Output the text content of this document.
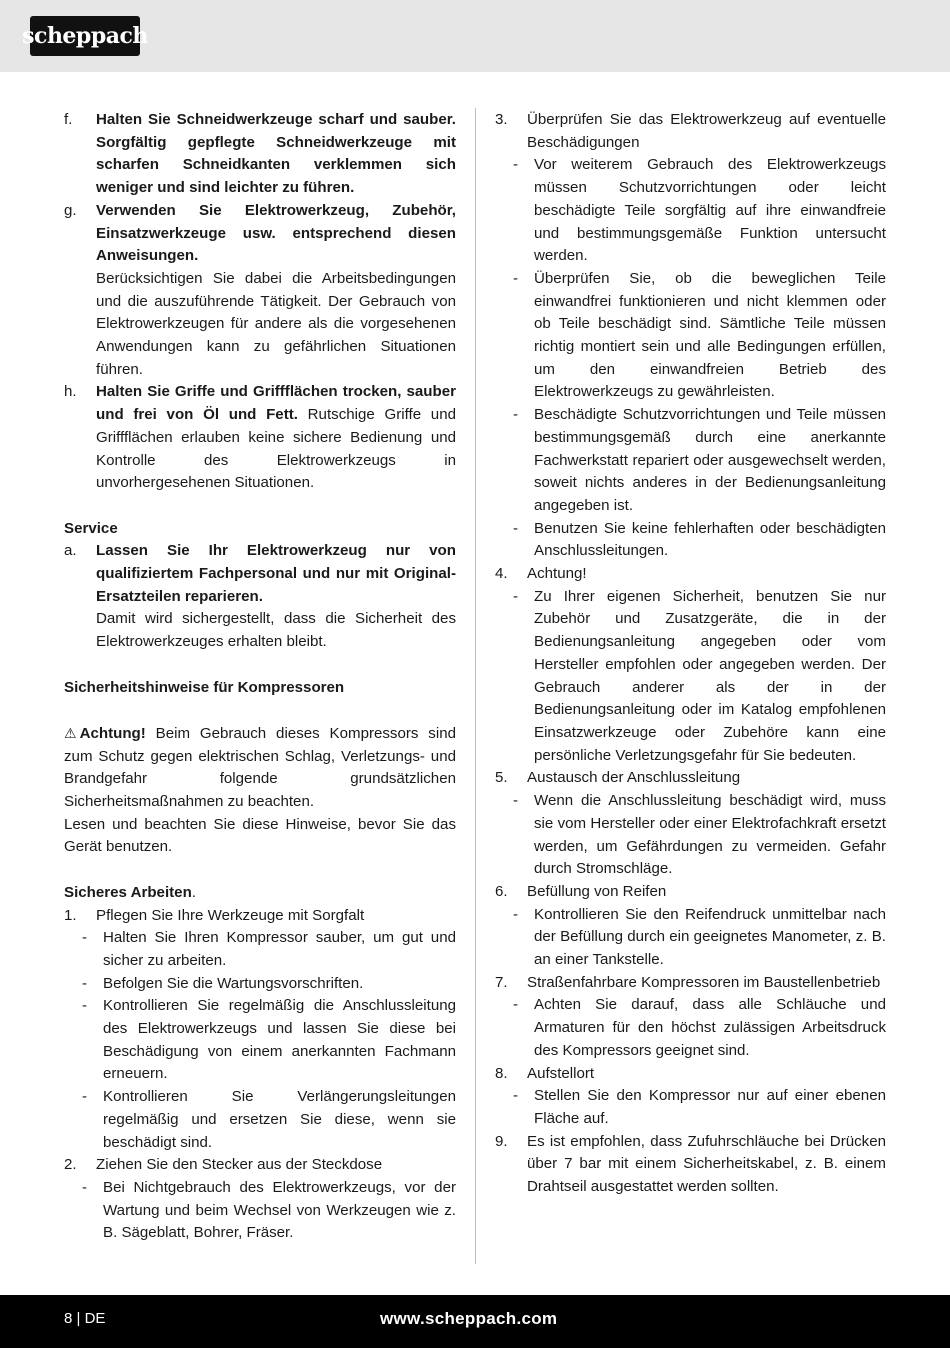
scheppach
f.	Halten Sie Schneidwerkzeuge scharf und sauber. Sorgfältig gepflegte Schneidwerkzeuge mit scharfen Schneidkanten verklemmen sich weniger und sind leichter zu führen.
g.	Verwenden Sie Elektrowerkzeug, Zubehör, Einsatzwerkzeuge usw. entsprechend diesen Anweisungen.
Berücksichtigen Sie dabei die Arbeitsbedingungen und die auszuführende Tätigkeit. Der Gebrauch von Elektrowerkzeugen für andere als die vorgesehenen Anwendungen kann zu gefährlichen Situationen führen.
h.	Halten Sie Griffe und Griffflächen trocken, sauber und frei von Öl und Fett. Rutschige Griffe und Griffflächen erlauben keine sichere Bedienung und Kontrolle des Elektrowerkzeugs in unvorhergesehenen Situationen.
Service
a.	Lassen Sie Ihr Elektrowerkzeug nur von qualifiziertem Fachpersonal und nur mit Original-Ersatzteilen reparieren.
Damit wird sichergestellt, dass die Sicherheit des Elektrowerkzeuges erhalten bleibt.
Sicherheitshinweise für Kompressoren
⚠ Achtung! Beim Gebrauch dieses Kompressors sind zum Schutz gegen elektrischen Schlag, Verletzungs- und Brandgefahr folgende grundsätzlichen Sicherheitsmaßnahmen zu beachten.
Lesen und beachten Sie diese Hinweise, bevor Sie das Gerät benutzen.
Sicheres Arbeiten.
1.	Pflegen Sie Ihre Werkzeuge mit Sorgfalt
-	Halten Sie Ihren Kompressor sauber, um gut und sicher zu arbeiten.
-	Befolgen Sie die Wartungsvorschriften.
-	Kontrollieren Sie regelmäßig die Anschlussleitung des Elektrowerkzeugs und lassen Sie diese bei Beschädigung von einem anerkannten Fachmann erneuern.
-	Kontrollieren Sie Verlängerungsleitungen regelmäßig und ersetzen Sie diese, wenn sie beschädigt sind.
2.	Ziehen Sie den Stecker aus der Steckdose
-	Bei Nichtgebrauch des Elektrowerkzeugs, vor der Wartung und beim Wechsel von Werkzeugen wie z. B. Sägeblatt, Bohrer, Fräser.
3.	Überprüfen Sie das Elektrowerkzeug auf eventuelle Beschädigungen
-	Vor weiterem Gebrauch des Elektrowerkzeugs müssen Schutzvorrichtungen oder leicht beschädigte Teile sorgfältig auf ihre einwandfreie und bestimmungsgemäße Funktion untersucht werden.
-	Überprüfen Sie, ob die beweglichen Teile einwandfrei funktionieren und nicht klemmen oder ob Teile beschädigt sind. Sämtliche Teile müssen richtig montiert sein und alle Bedingungen erfüllen, um den einwandfreien Betrieb des Elektrowerkzeugs zu gewährleisten.
-	Beschädigte Schutzvorrichtungen und Teile müssen bestimmungsgemäß durch eine anerkannte Fachwerkstatt repariert oder ausgewechselt werden, soweit nichts anderes in der Bedienungsanleitung angegeben ist.
-	Benutzen Sie keine fehlerhaften oder beschädigten Anschlussleitungen.
4.	Achtung!
-	Zu Ihrer eigenen Sicherheit, benutzen Sie nur Zubehör und Zusatzgeräte, die in der Bedienungsanleitung angegeben oder vom Hersteller empfohlen oder angegeben werden. Der Gebrauch anderer als der in der Bedienungsanleitung oder im Katalog empfohlenen Einsatzwerkzeuge oder Zubehöre kann eine persönliche Verletzungsgefahr für Sie bedeuten.
5.	Austausch der Anschlussleitung
-	Wenn die Anschlussleitung beschädigt wird, muss sie vom Hersteller oder einer Elektrofachkraft ersetzt werden, um Gefährdungen zu vermeiden. Gefahr durch Stromschläge.
6.	Befüllung von Reifen
-	Kontrollieren Sie den Reifendruck unmittelbar nach der Befüllung durch ein geeignetes Manometer, z. B. an einer Tankstelle.
7.	Straßenfahrbare Kompressoren im Baustellenbetrieb
-	Achten Sie darauf, dass alle Schläuche und Armaturen für den höchst zulässigen Arbeitsdruck des Kompressors geeignet sind.
8.	Aufstellort
-	Stellen Sie den Kompressor nur auf einer ebenen Fläche auf.
9.	Es ist empfohlen, dass Zufuhrschläuche bei Drücken über 7 bar mit einem Sicherheitskabel, z. B. einem Drahtseil ausgestattet werden sollten.
8 | DE	www.scheppach.com
